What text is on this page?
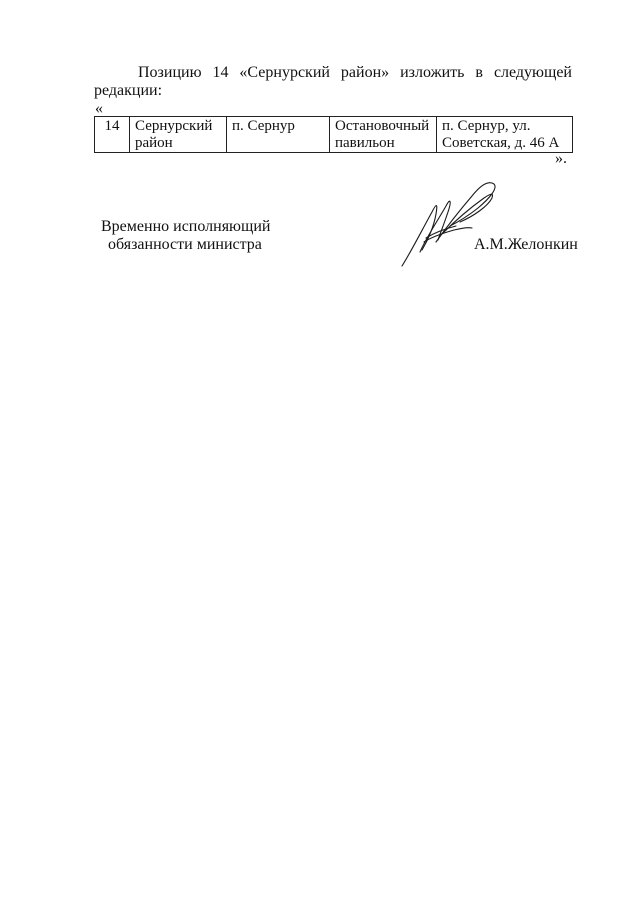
Позицию 14 «Сернурский район» изложить в следующей редакции:

«
14	Сернурский район	п. Сернур	Остановочный павильон	п. Сернур, ул. Советская, д. 46 А
».
Временно исполняющий
обязанности министра	А.М.Желонкин
